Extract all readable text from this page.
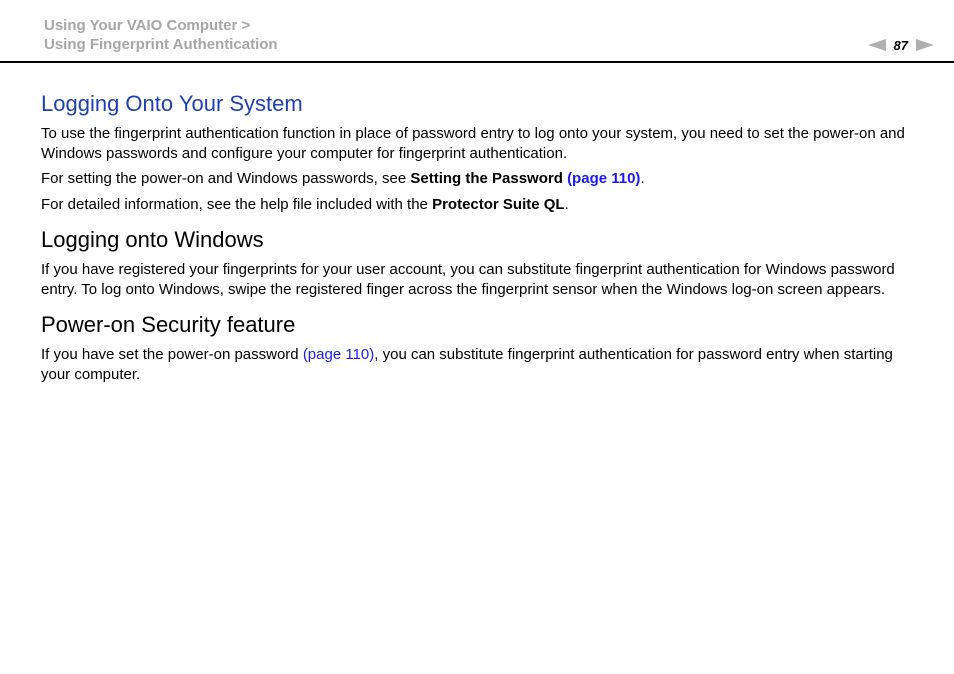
Using Your VAIO Computer >
Using Fingerprint Authentication	87
Logging Onto Your System

To use the fingerprint authentication function in place of password entry to log onto your system, you need to set the power-on and Windows passwords and configure your computer for fingerprint authentication.

For setting the power-on and Windows passwords, see Setting the Password (page 110).

For detailed information, see the help file included with the Protector Suite QL.

Logging onto Windows

If you have registered your fingerprints for your user account, you can substitute fingerprint authentication for Windows password entry. To log onto Windows, swipe the registered finger across the fingerprint sensor when the Windows log-on screen appears.

Power-on Security feature

If you have set the power-on password (page 110), you can substitute fingerprint authentication for password entry when starting your computer.
